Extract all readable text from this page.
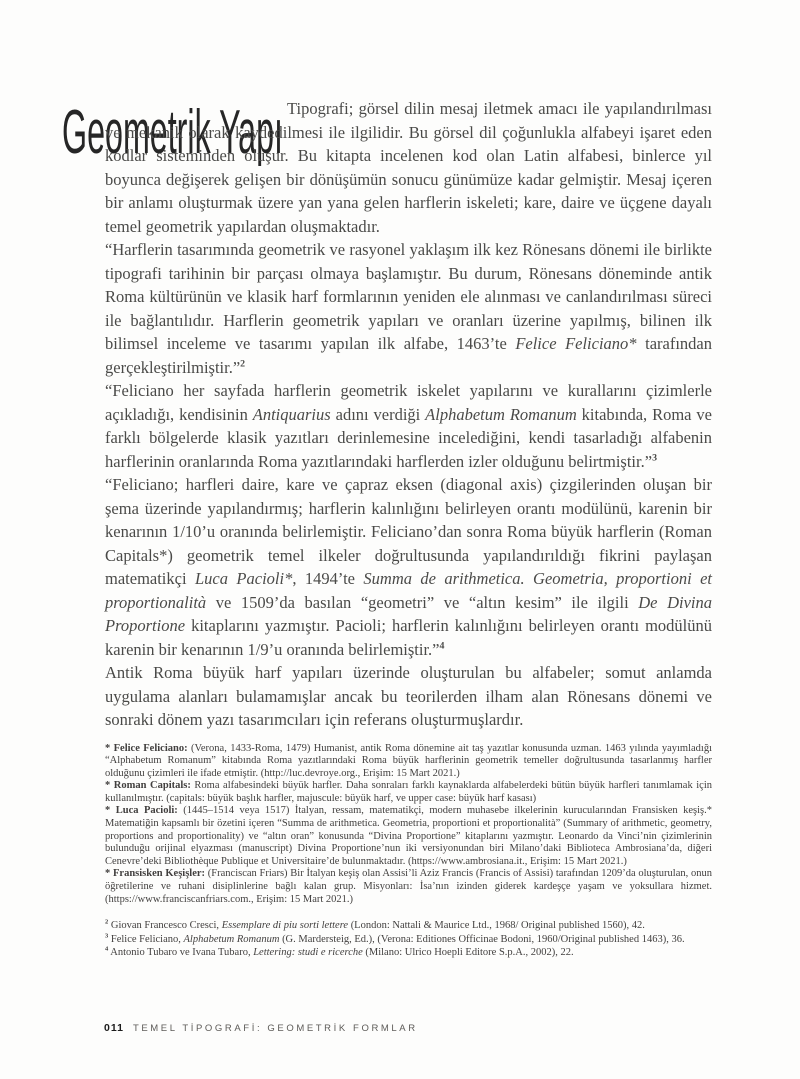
Geometrik Yapı Tipografi; görsel dilin mesaj iletmek amacı ile yapılandırılması ve mekanik olarak kaydedilmesi ile ilgilidir. Bu görsel dil çoğunlukla alfabeyi işaret eden kodlar sisteminden oluşur. Bu kitapta incelenen kod olan Latin alfabesi, binlerce yıl boyunca değişerek gelişen bir dönüşümün sonucu günümüze kadar gelmiştir. Mesaj içeren bir anlamı oluşturmak üzere yan yana gelen harflerin iskeleti; kare, daire ve üçgene dayalı temel geometrik yapılardan oluşmaktadır.

“Harflerin tasarımında geometrik ve rasyonel yaklaşım ilk kez Rönesans dönemi ile birlikte tipografi tarihinin bir parçası olmaya başlamıştır. Bu durum, Rönesans döneminde antik Roma kültürünün ve klasik harf formlarının yeniden ele alınması ve canlandırılması süreci ile bağlantılıdır. Harflerin geometrik yapıları ve oranları üzerine yapılmış, bilinen ilk bilimsel inceleme ve tasarımı yapılan ilk alfabe, 1463’te Felice Feliciano* tarafından gerçekleştirilmiştir.”$^2$

“Feliciano her sayfada harflerin geometrik iskelet yapılarını ve kurallarını çizimlerle açıkladığı, kendisinin Antiquarius adını verdiği Alphabetum Romanum kitabında, Roma ve farklı bölgelerde klasik yazıtları derinlemesine incelediğini, kendi tasarladığı alfabenin harflerinin oranlarında Roma yazıtlarındaki harflerden izler olduğunu belirtmiştir.”$^3$

“Feliciano; harfleri daire, kare ve çapraz eksen (diagonal axis) çizgilerinden oluşan bir şema üzerinde yapılandırmış; harflerin kalınlığını belirleyen orantı modülünü, karenin bir kenarının 1/10’u oranında belirlemiştir. Feliciano’dan sonra Roma büyük harflerin (Roman Capitals*) geometrik temel ilkeler doğrultusunda yapılandırıldığı fikrini paylaşan matematikçi Luca Pacioli*, 1494’te Summa de arithmetica. Geometria, proportioni et proportionalità ve 1509’da basılan “geometri” ve “altın kesim” ile ilgili De Divina Proportione kitaplarını yazmıştır. Pacioli; harflerin kalınlığını belirleyen orantı modülünü karenin bir kenarının 1/9’u oranında belirlemiştir.”$^4$

Antik Roma büyük harf yapıları üzerinde oluşturulan bu alfabeler; somut anlamda uygulama alanları bulamamışlar ancak bu teorilerden ilham alan Rönesans dönemi ve sonraki dönem yazı tasarımcıları için referans oluşturmuşlardır.

* Felice Feliciano: (Verona, 1433-Roma, 1479) Humanist, antik Roma dönemine ait taş yazıtlar konusunda uzman. 1463 yılında yayımladığı “Alphabetum Romanum” kitabında Roma yazıtlarındaki Roma büyük harflerinin geometrik temeller doğrultusunda tasarlanmış harfler olduğunu çizimleri ile ifade etmiştir. (http://luc.devroye.org., Erişim: 15 Mart 2021.)

* Roman Capitals: Roma alfabesindeki büyük harfler. Daha sonraları farklı kaynaklarda alfabelerdeki bütün büyük harfleri tanımlamak için kullanılmıştır. (capitals: büyük başlık harfler, majuscule: büyük harf, ve upper case: büyük harf kasası)

* Luca Pacioli: (1445–1514 veya 1517) İtalyan, ressam, matematikçi, modern muhasebe ilkelerinin kurucularından Fransisken keşiş.* Matematiğin kapsamlı bir özetini içeren “Summa de arithmetica. Geometria, proportioni et proportionalità” (Summary of arithmetic, geometry, proportions and proportionality) ve “altın oran” konusunda “Divina Proportione” kitaplarını yazmıştır. Leonardo da Vinci’nin çizimlerinin bulunduğu orijinal elyazması (manuscript) Divina Proportione’nun iki versiyonundan biri Milano’daki Biblioteca Ambrosiana’da, diğeri Cenevre’deki Bibliothèque Publique et Universitaire’de bulunmaktadır. (https://www.ambrosiana.it., Erişim: 15 Mart 2021.)

* Fransisken Keşişler: (Franciscan Friars) Bir İtalyan keşiş olan Assisi’li Aziz Francis (Francis of Assisi) tarafından 1209’da oluşturulan, onun öğretilerine ve ruhani disiplinlerine bağlı kalan grup. Misyonları: İsa’nın izinden giderek kardeşçe yaşam ve yoksullara hizmet. (https://www.franciscanfriars.com., Erişim: 15 Mart 2021.)

$^2$ Giovan Francesco Cresci, Essemplare di piu sorti lettere (London: Nattali & Maurice Ltd., 1968/ Original published 1560), 42.

$^3$ Felice Feliciano, Alphabetum Romanum (G. Mardersteig, Ed.), (Verona: Editiones Officinae Bodoni, 1960/Original published 1463), 36.

$^4$ Antonio Tubaro ve Ivana Tubaro, Lettering: studi e ricerche (Milano: Ulrico Hoepli Editore S.p.A., 2002), 22.

011 TEMEL TİPOGRAFİ: GEOMETRİK FORMLAR
